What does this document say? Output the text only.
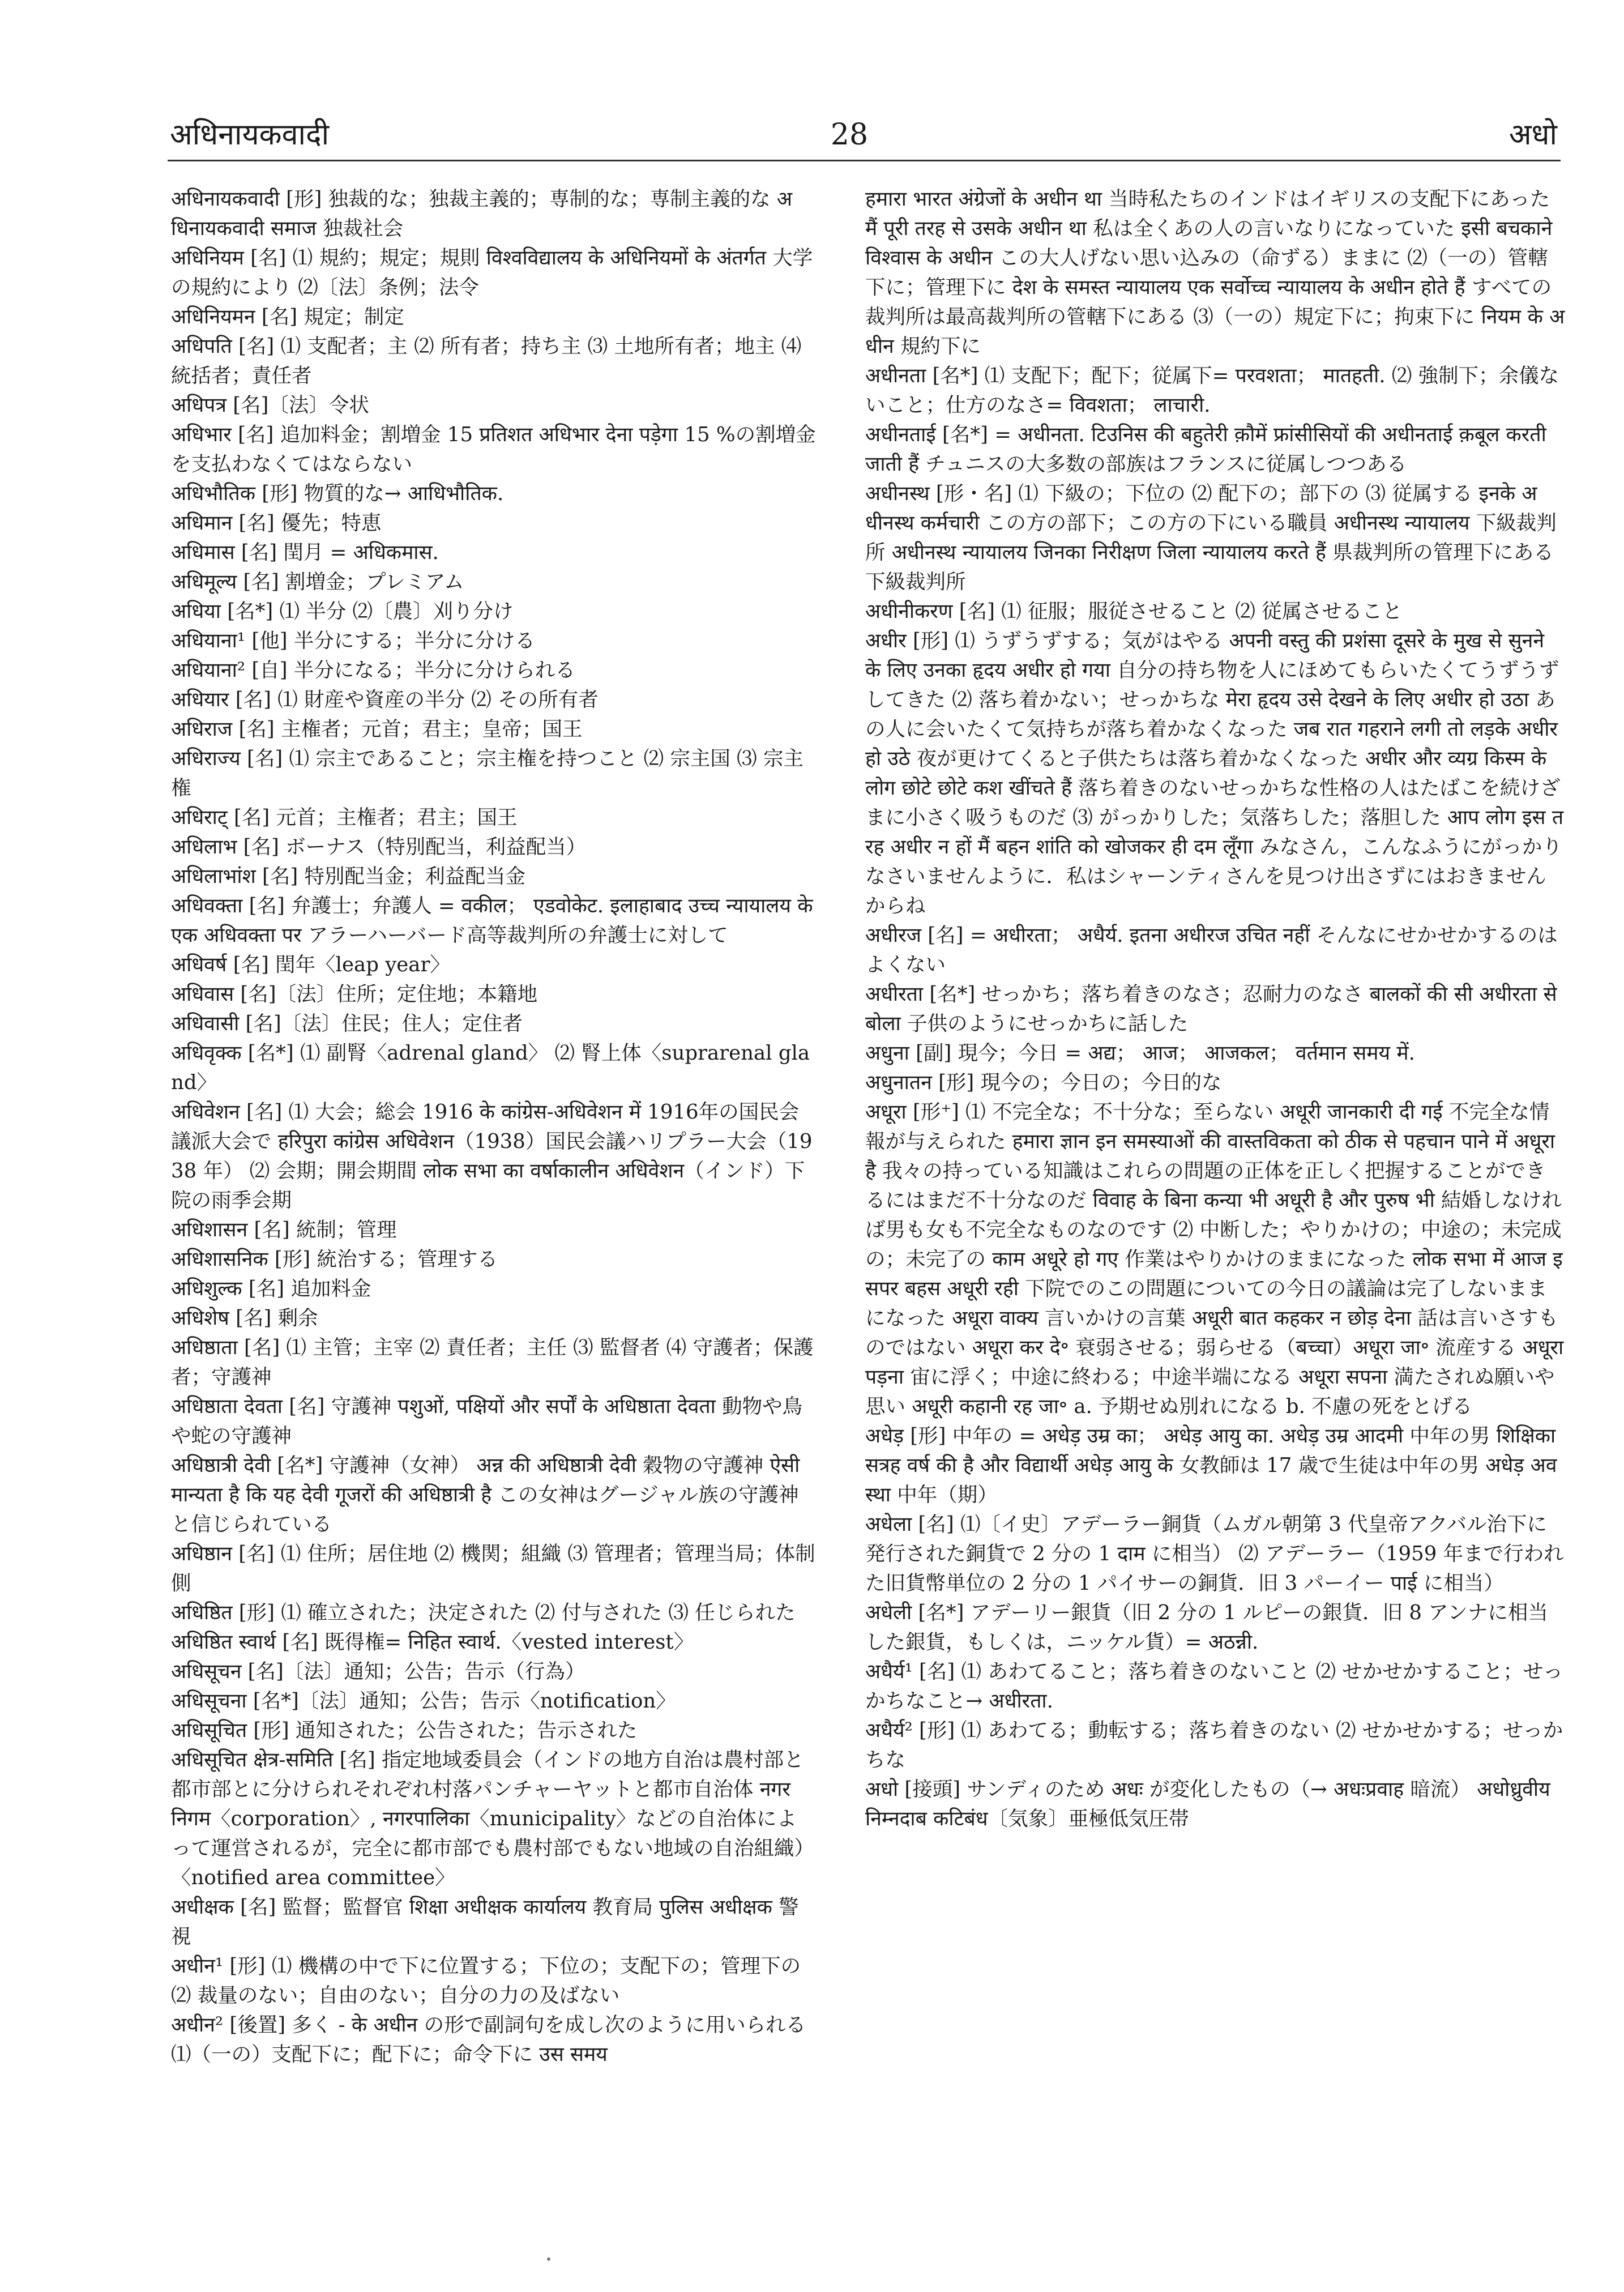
अधिनायकवादी	28	अधो

अधिनायकवादी [形] 独裁的な；独裁主義的；専制的な；専制主義的な अधिनायकवादी समाज 独裁社会

अधिनियम [名] ⑴ 規約；規定；規則 विश्वविद्यालय के अधिनियमों के अंतर्गत 大学の規約により ⑵〔法〕条例；法令

अधिनियमन [名] 規定；制定

अधिपति [名] ⑴ 支配者；主 ⑵ 所有者；持ち主 ⑶ 土地所有者；地主 ⑷ 統括者；責任者

अधिपत्र [名]〔法〕令状

अधिभार [名] 追加料金；割増金 15 प्रतिशत अधिभार देना पड़ेगा 15 %の割増金を支払わなくてはならない

अधिभौतिक [形] 物質的な→ आधिभौतिक.

अधिमान [名] 優先；特恵

अधिमास [名] 閏月 = अधिकमास.

अधिमूल्य [名] 割増金；プレミアム

अधिया [名*] ⑴ 半分 ⑵〔農〕刈り分け

अधियाना¹ [他] 半分にする；半分に分ける

अधियाना² [自] 半分になる；半分に分けられる

अधियार [名] ⑴ 財産や資産の半分 ⑵ その所有者

अधिराज [名] 主権者；元首；君主；皇帝；国王

अधिराज्य [名] ⑴ 宗主であること；宗主権を持つこと ⑵ 宗主国 ⑶ 宗主権

अधिराट् [名] 元首；主権者；君主；国王

अधिलाभ [名] ボーナス（特別配当，利益配当）

अधिलाभांश [名] 特別配当金；利益配当金

अधिवक्ता [名] 弁護士；弁護人 = वकील； एडवोकेट. इलाहाबाद उच्च न्यायालय के एक अधिवक्ता पर アラーハーバード高等裁判所の弁護士に対して

अधिवर्ष [名] 閏年〈leap year〉

अधिवास [名]〔法〕住所；定住地；本籍地

अधिवासी [名]〔法〕住民；住人；定住者

अधिवृक्क [名*] ⑴ 副腎〈adrenal gland〉 ⑵ 腎上体〈suprarenal gland〉

अधिवेशन [名] ⑴ 大会；総会 1916 के कांग्रेस-अधिवेशन में 1916年の国民会議派大会で हरिपुरा कांग्रेस अधिवेशन（1938）国民会議ハリプラー大会（1938 年） ⑵ 会期；開会期間 लोक सभा का वर्षाकालीन अधिवेशन（インド）下院の雨季会期

अधिशासन [名] 統制；管理

अधिशासनिक [形] 統治する；管理する

अधिशुल्क [名] 追加料金

अधिशेष [名] 剰余

अधिष्ठाता [名] ⑴ 主管；主宰 ⑵ 責任者；主任 ⑶ 監督者 ⑷ 守護者；保護者；守護神

अधिष्ठाता देवता [名] 守護神 पशुओं, पक्षियों और सर्पों के अधिष्ठाता देवता 動物や鳥や蛇の守護神

अधिष्ठात्री देवी [名*] 守護神（女神） अन्न की अधिष्ठात्री देवी 穀物の守護神 ऐसी मान्यता है कि यह देवी गूजरों की अधिष्ठात्री है この女神はグージャル族の守護神と信じられている

अधिष्ठान [名] ⑴ 住所；居住地 ⑵ 機関；組織 ⑶ 管理者；管理当局；体制側

अधिष्ठित [形] ⑴ 確立された；決定された ⑵ 付与された ⑶ 任じられた

अधिष्ठित स्वार्थ [名] 既得権= निहित स्वार्थ.〈vested interest〉

अधिसूचन [名]〔法〕通知；公告；告示（行為）

अधिसूचना [名*]〔法〕通知；公告；告示〈notification〉

अधिसूचित [形] 通知された；公告された；告示された

अधिसूचित क्षेत्र-समिति [名] 指定地域委員会（インドの地方自治は農村部と都市部とに分けられそれぞれ村落パンチャーヤットと都市自治体 नगर निगम〈corporation〉, नगरपालिका〈municipality〉などの自治体によって運営されるが，完全に都市部でも農村部でもない地域の自治組織）〈notified area committee〉

अधीक्षक [名] 監督；監督官 शिक्षा अधीक्षक कार्यालय 教育局 पुलिस अधीक्षक 警視

अधीन¹ [形] ⑴ 機構の中で下に位置する；下位の；支配下の；管理下の ⑵ 裁量のない；自由のない；自分の力の及ばない

अधीन² [後置] 多く - के अधीन の形で副詞句を成し次のように用いられる ⑴（一の）支配下に；配下に；命令下に उस समय

हमारा भारत अंग्रेजों के अधीन था 当時私たちのインドはイギリスの支配下にあった मैं पूरी तरह से उसके अधीन था 私は全くあの人の言いなりになっていた इसी बचकाने विश्वास के अधीन この大人げない思い込みの（命ずる）ままに ⑵（一の）管轄下に；管理下に देश के समस्त न्यायालय एक सर्वोच्च न्यायालय के अधीन होते हैं すべての裁判所は最高裁判所の管轄下にある ⑶（一の）規定下に；拘束下に नियम के अधीन 規約下に

अधीनता [名*] ⑴ 支配下；配下；従属下= परवशता； मातहती. ⑵ 強制下；余儀ないこと；仕方のなさ= विवशता； लाचारी.

अधीनताई [名*] = अधीनता. टिउनिस की बहुतेरी क़ौमें फ्रांसीसियों की अधीनताई क़बूल करती जाती हैं チュニスの大多数の部族はフランスに従属しつつある

अधीनस्थ [形・名] ⑴ 下級の；下位の ⑵ 配下の；部下の ⑶ 従属する इनके अधीनस्थ कर्मचारी この方の部下；この方の下にいる職員 अधीनस्थ न्यायालय 下級裁判所 अधीनस्थ न्यायालय जिनका निरीक्षण जिला न्यायालय करते हैं 県裁判所の管理下にある下級裁判所

अधीनीकरण [名] ⑴ 征服；服従させること ⑵ 従属させること

अधीर [形] ⑴ うずうずする；気がはやる अपनी वस्तु की प्रशंसा दूसरे के मुख से सुनने के लिए उनका हृदय अधीर हो गया 自分の持ち物を人にほめてもらいたくてうずうずしてきた ⑵ 落ち着かない；せっかちな मेरा हृदय उसे देखने के लिए अधीर हो उठा あの人に会いたくて気持ちが落ち着かなくなった जब रात गहराने लगी तो लड़के अधीर हो उठे 夜が更けてくると子供たちは落ち着かなくなった अधीर और व्यग्र किस्म के लोग छोटे छोटे कश खींचते हैं 落ち着きのないせっかちな性格の人はたばこを続けざまに小さく吸うものだ ⑶ がっかりした；気落ちした；落胆した आप लोग इस तरह अधीर न हों मैं बहन शांति को खोजकर ही दम लूँगा みなさん，こんなふうにがっかりなさいませんように．私はシャーンティさんを見つけ出さずにはおきませんからね

अधीरज [名] = अधीरता； अधैर्य. इतना अधीरज उचित नहीं そんなにせかせかするのはよくない

अधीरता [名*] せっかち；落ち着きのなさ；忍耐力のなさ बालकों की सी अधीरता से बोला 子供のようにせっかちに話した

अधुना [副] 現今；今日 = अद्य； आज； आजकल； वर्तमान समय में.

अधुनातन [形] 現今の；今日の；今日的な

अधूरा [形⁺] ⑴ 不完全な；不十分な；至らない अधूरी जानकारी दी गई 不完全な情報が与えられた हमारा ज्ञान इन समस्याओं की वास्तविकता को ठीक से पहचान पाने में अधूरा है 我々の持っている知識はこれらの問題の正体を正しく把握することができるにはまだ不十分なのだ विवाह के बिना कन्या भी अधूरी है और पुरुष भी 結婚しなければ男も女も不完全なものなのです ⑵ 中断した；やりかけの；中途の；未完成の；未完了の काम अधूरे हो गए 作業はやりかけのままになった लोक सभा में आज इसपर बहस अधूरी रही 下院でのこの問題についての今日の議論は完了しないままになった अधूरा वाक्य 言いかけの言葉 अधूरी बात कहकर न छोड़ देना 話は言いさすものではない अधूरा कर दे॰ 衰弱させる；弱らせる（बच्चा）अधूरा जा॰ 流産する अधूरा पड़ना 宙に浮く；中途に終わる；中途半端になる अधूरा सपना 満たされぬ願いや思い अधूरी कहानी रह जा॰ a. 予期せぬ別れになる b. 不慮の死をとげる

अधेड़ [形] 中年の = अधेड़ उम्र का； अधेड़ आयु का. अधेड़ उम्र आदमी 中年の男 शिक्षिका सत्रह वर्ष की है और विद्यार्थी अधेड़ आयु के 女教師は 17 歳で生徒は中年の男 अधेड़ अवस्था 中年（期）

अधेला [名] ⑴〔イ史〕アデーラー銅貨（ムガル朝第 3 代皇帝アクバル治下に発行された銅貨で 2 分の 1 दाम に相当） ⑵ アデーラー（1959 年まで行われた旧貨幣単位の 2 分の 1 パイサーの銅貨．旧 3 パーイー पाई に相当）

अधेली [名*] アデーリー銀貨（旧 2 分の 1 ルピーの銀貨．旧 8 アンナに相当した銀貨，もしくは，ニッケル貨）= अठन्नी.

अधैर्य¹ [名] ⑴ あわてること；落ち着きのないこと ⑵ せかせかすること；せっかちなこと→ अधीरता.

अधैर्य² [形] ⑴ あわてる；動転する；落ち着きのない ⑵ せかせかする；せっかちな

अधो [接頭] サンディのため अधः が変化したもの（→ अधःप्रवाह 暗流） अधोध्रुवीय निम्नदाब कटिबंध〔気象〕亜極低気圧帯
